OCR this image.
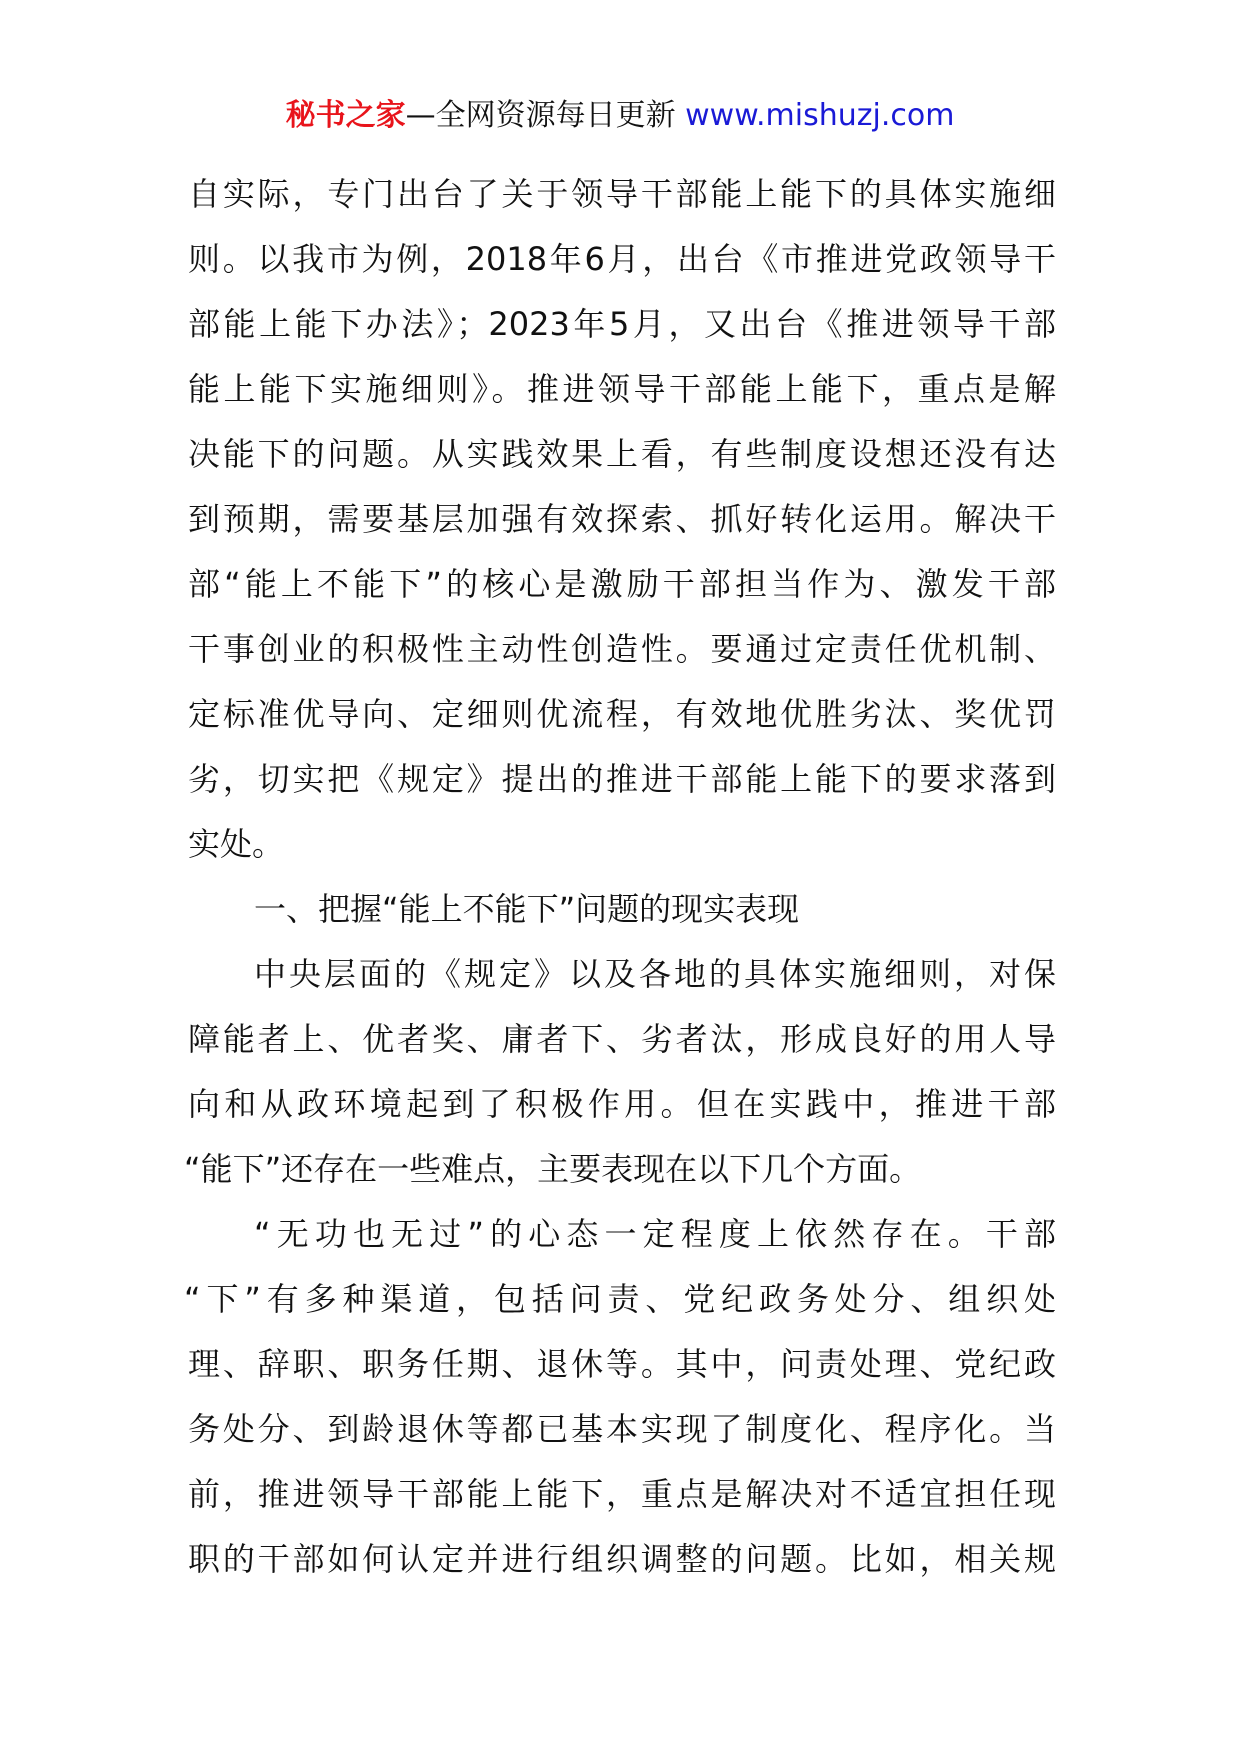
秘书之家—全网资源每日更新 www.mishuzj.com
自实际，专门出台了关于领导干部能上能下的具体实施细
则。以我市为例，2018年6月，出台《市推进党政领导干
部能上能下办法》；2023年5月，又出台《推进领导干部
能上能下实施细则》。推进领导干部能上能下，重点是解
决能下的问题。从实践效果上看，有些制度设想还没有达
到预期，需要基层加强有效探索、抓好转化运用。解决干
部“能上不能下”的核心是激励干部担当作为、激发干部
干事创业的积极性主动性创造性。要通过定责任优机制、
定标准优导向、定细则优流程，有效地优胜劣汰、奖优罚
劣，切实把《规定》提出的推进干部能上能下的要求落到
实处。
一、把握“能上不能下”问题的现实表现
中央层面的《规定》以及各地的具体实施细则，对保
障能者上、优者奖、庸者下、劣者汰，形成良好的用人导
向和从政环境起到了积极作用。但在实践中，推进干部
“能下”还存在一些难点，主要表现在以下几个方面。
“无功也无过”的心态一定程度上依然存在。干部
“下”有多种渠道，包括问责、党纪政务处分、组织处
理、辞职、职务任期、退休等。其中，问责处理、党纪政
务处分、到龄退休等都已基本实现了制度化、程序化。当
前，推进领导干部能上能下，重点是解决对不适宜担任现
职的干部如何认定并进行组织调整的问题。比如，相关规
